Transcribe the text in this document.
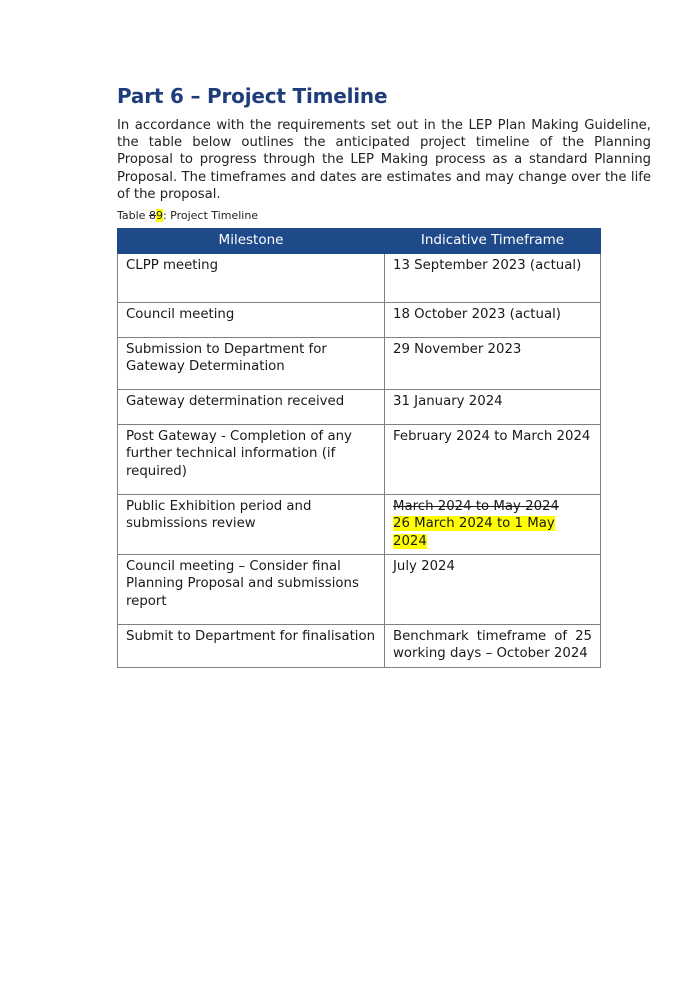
Part 6 – Project Timeline

In accordance with the requirements set out in the LEP Plan Making Guideline, the table below outlines the anticipated project timeline of the Planning Proposal to progress through the LEP Making process as a standard Planning Proposal. The timeframes and dates are estimates and may change over the life of the proposal.

Table 89: Project Timeline
Milestone	Indicative Timeframe
CLPP meeting	13 September 2023 (actual)
Council meeting	18 October 2023 (actual)
Submission to Department for Gateway Determination	29 November 2023
Gateway determination received	31 January 2024
Post Gateway - Completion of any further technical information (if required)	February 2024 to March 2024
Public Exhibition period and submissions review	March 2024 to May 2024
26 March 2024 to 1 May 2024

Council meeting – Consider final Planning Proposal and submissions report	July 2024
Submit to Department for finalisation	Benchmark timeframe of 25 working days – October 2024
